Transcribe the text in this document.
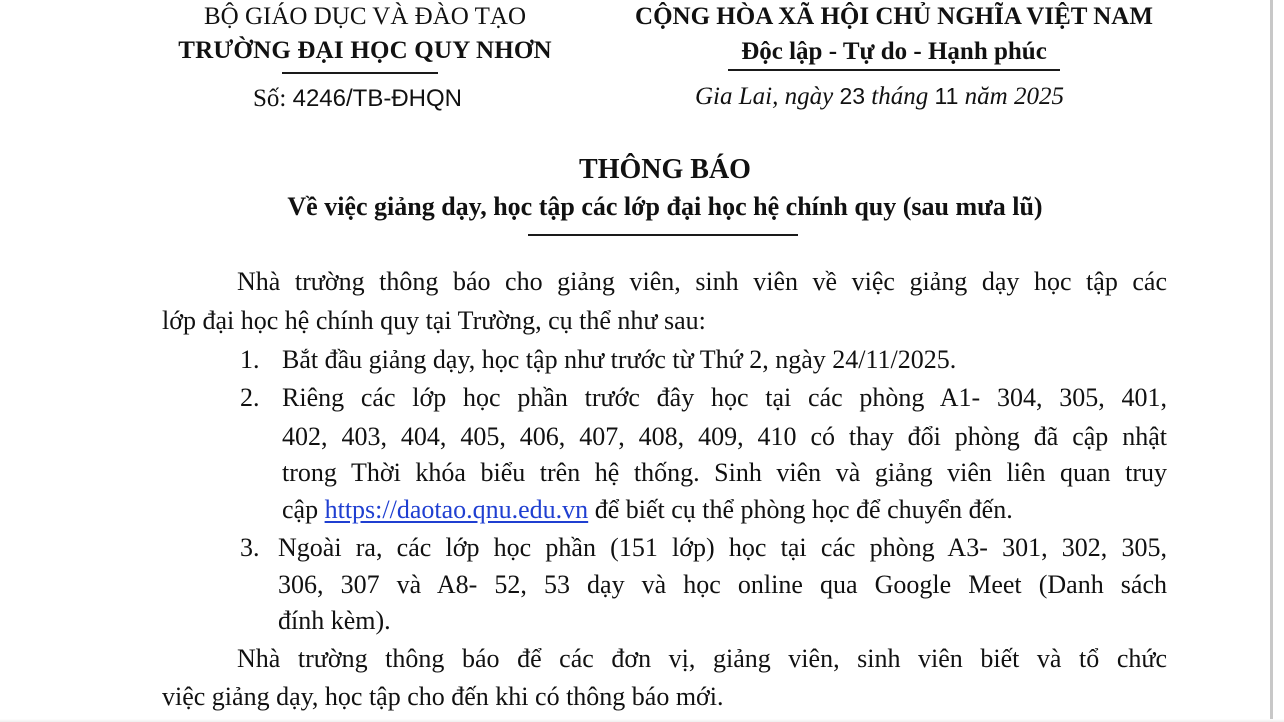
BỘ GIÁO DỤC VÀ ĐÀO TẠO
TRƯỜNG ĐẠI HỌC QUY NHƠN
Số: 4246/TB-ĐHQN
CỘNG HÒA XÃ HỘI CHỦ NGHĨA VIỆT NAM
Độc lập - Tự do - Hạnh phúc
Gia Lai, ngày 23 tháng 11 năm 2025
THÔNG BÁO
Về việc giảng dạy, học tập các lớp đại học hệ chính quy (sau mưa lũ)
Nhà trường thông báo cho giảng viên, sinh viên về việc giảng dạy học tập các
lớp đại học hệ chính quy tại Trường, cụ thể như sau:
1. Bắt đầu giảng dạy, học tập như trước từ Thứ 2, ngày 24/11/2025.
2. Riêng các lớp học phần trước đây học tại các phòng A1- 304, 305, 401,
402, 403, 404, 405, 406, 407, 408, 409, 410 có thay đổi phòng đã cập nhật
trong Thời khóa biểu trên hệ thống. Sinh viên và giảng viên liên quan truy
cập https://daotao.qnu.edu.vn để biết cụ thể phòng học để chuyển đến.
3. Ngoài ra, các lớp học phần (151 lớp) học tại các phòng A3- 301, 302, 305,
306, 307 và A8- 52, 53 dạy và học online qua Google Meet (Danh sách
đính kèm).
Nhà trường thông báo để các đơn vị, giảng viên, sinh viên biết và tổ chức
việc giảng dạy, học tập cho đến khi có thông báo mới.
